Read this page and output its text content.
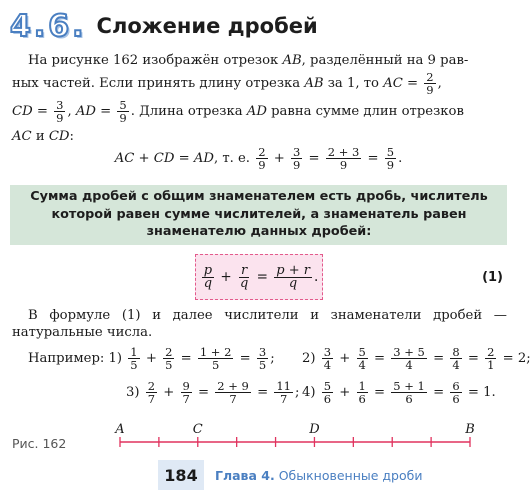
4.6. Сложение дробей
На рисунке 162 изображён отрезок AB, разделённый на 9 рав-
ных частей. Если принять длину отрезка AB за 1, то AC = $\frac{2}{9}$ ,
CD = $\frac{3}{9}$ , AD = $\frac{5}{9}$ . Длина отрезка AD равна сумме длин отрезков
AC и CD:
AC + CD = AD, т. е. $\frac{2}{9} + \frac{3}{9} = \frac{2 + 3}{9} = \frac{5}{9}$ .
Сумма дробей с общим знаменателем есть дробь, числитель которой равен сумме числителей, а знаменатель равен знаменателю данных дробей:
$\frac{p}{q} + \frac{r}{q} = \frac{p + r}{q}$ .	(1)
В формуле (1) и далее числители и знаменатели дробей — натуральные числа.
Например: $1) \frac{1}{5} + \frac{2}{5} = \frac{1 + 2}{5} = \frac{3}{5}$ ; $2) \frac{3}{4} + \frac{5}{4} = \frac{3 + 5}{4} = \frac{8}{4} = \frac{2}{1} = 2$;
$3) \frac{2}{7} + \frac{9}{7} = \frac{2 + 9}{7} = \frac{11}{7}$ ; $4) \frac{5}{6} + \frac{1}{6} = \frac{5 + 1}{6} = \frac{6}{6} = 1$.
Рис. 162
A	C	D	B
184	Глава 4. Обыкновенные дроби
